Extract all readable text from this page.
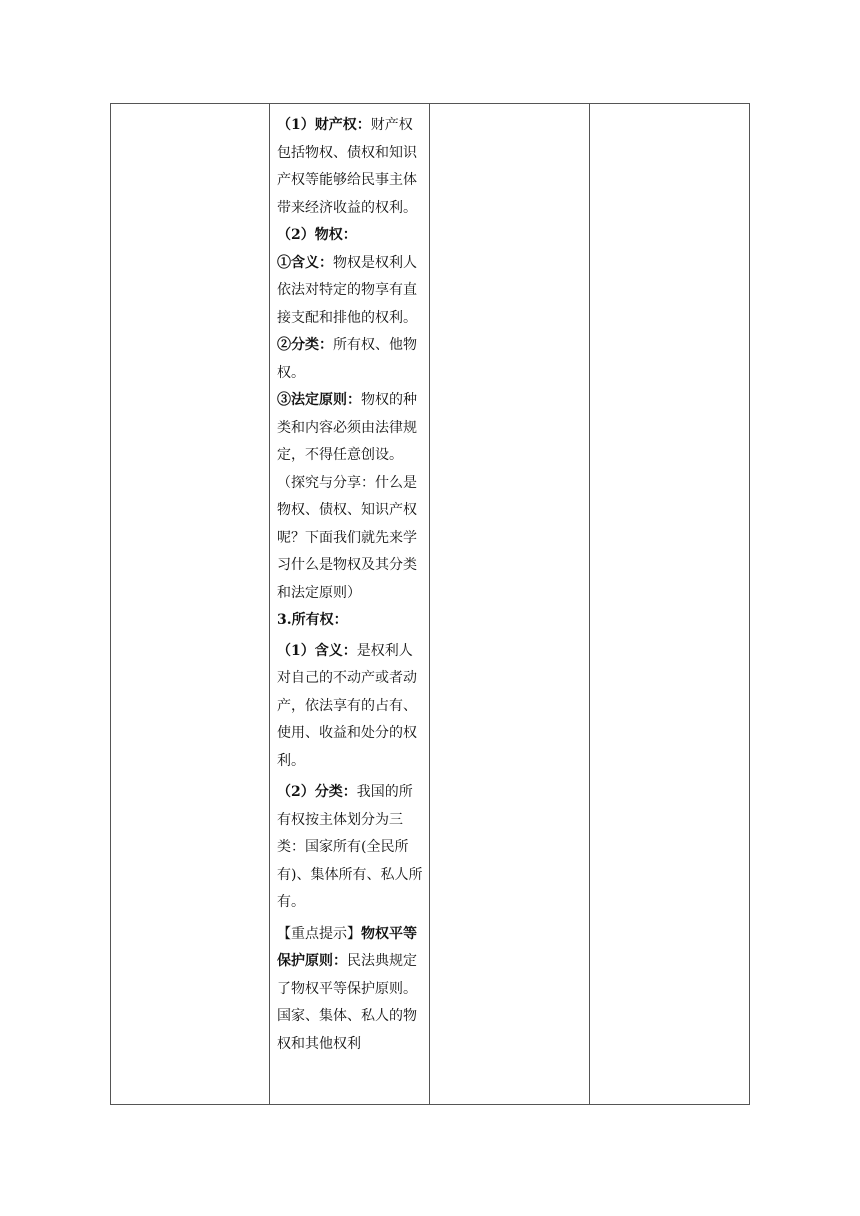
（1）财产权：财产权包括物权、债权和知识产权等能够给民事主体带来经济收益的权利。

（2）物权：

①含义：物权是权利人依法对特定的物享有直接支配和排他的权利。

②分类：所有权、他物权。

③法定原则：物权的种类和内容必须由法律规定，不得任意创设。 （探究与分享：什么是物权、债权、知识产权呢？下面我们就先来学习什么是物权及其分类和法定原则）

3.所有权：

（1）含义：是权利人对自己的不动产或者动产，依法享有的占有、使用、收益和处分的权利。

（2）分类：我国的所有权按主体划分为三类：国家所有(全民所有)、集体所有、私人所有。

【重点提示】物权平等保护原则：民法典规定了物权平等保护原则。国家、集体、私人的物权和其他权利
